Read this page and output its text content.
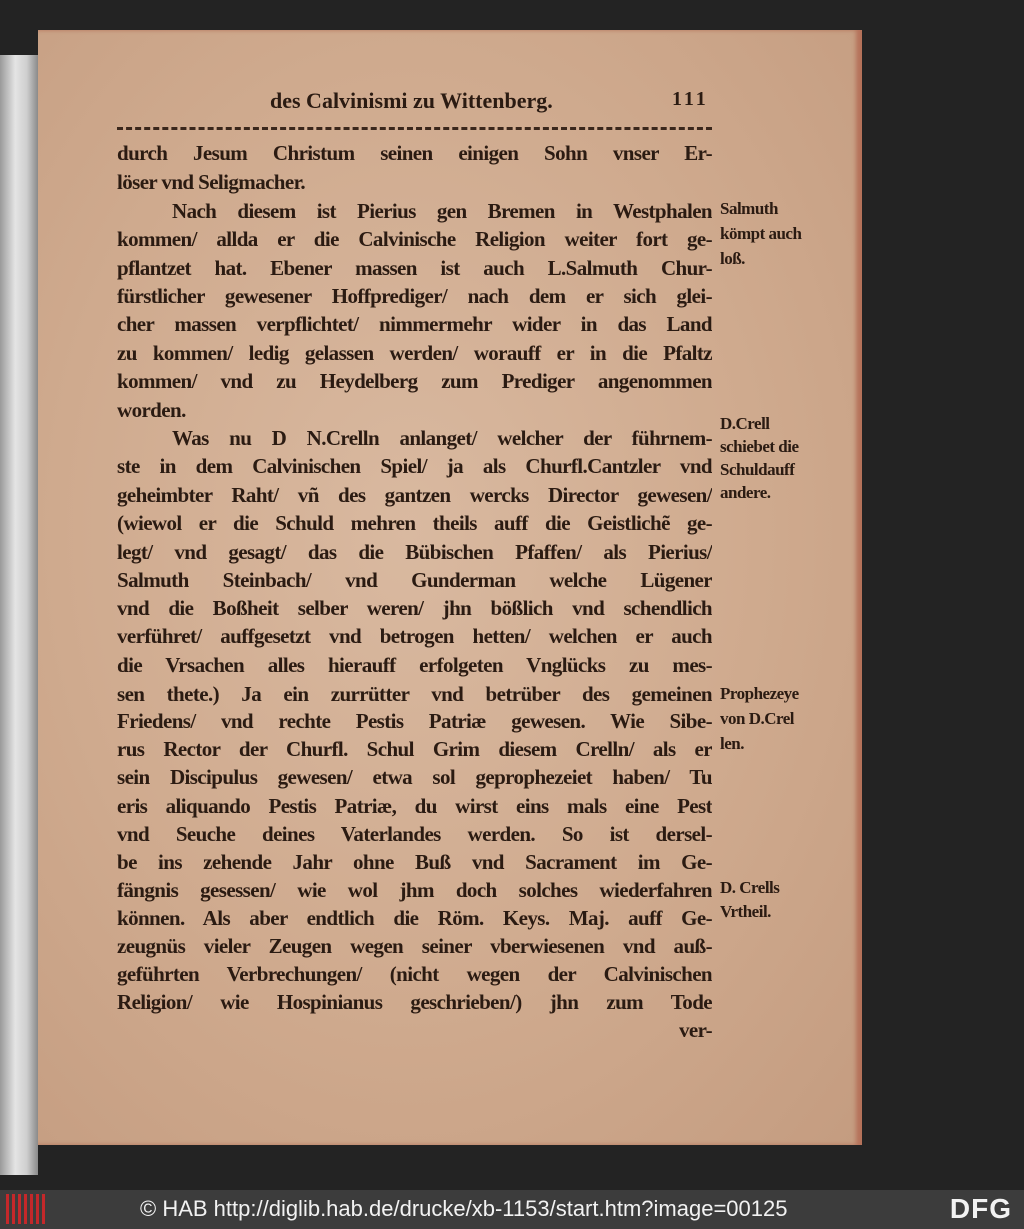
des Calvinismi zu Wittenberg.	111
durch Jesum Christum seinen einigen Sohn vnser Er-
löser vnd Seligmacher.
Nach diesem ist Pierius gen Bremen in Westphalen
kommen/ allda er die Calvinische Religion weiter fort ge-
pflantzet hat. Ebener massen ist auch L.Salmuth Chur-
fürstlicher gewesener Hoffprediger/ nach dem er sich glei-
cher massen verpflichtet/ nimmermehr wider in das Land
zu kommen/ ledig gelassen werden/ worauff er in die Pfaltz
kommen/ vnd zu Heydelberg zum Prediger angenommen
worden.
Was nu D N.Crelln anlanget/ welcher der führnem-
ste in dem Calvinischen Spiel/ ja als Churfl.Cantzler vnd
geheimbter Raht/ vñ des gantzen wercks Director gewesen/
(wiewol er die Schuld mehren theils auff die Geistlichẽ ge-
legt/ vnd gesagt/ das die Bübischen Pfaffen/ als Pierius/
Salmuth Steinbach/ vnd Gunderman welche Lügener
vnd die Boßheit selber weren/ jhn bößlich vnd schendlich
verführet/ auffgesetzt vnd betrogen hetten/ welchen er auch
die Vrsachen alles hierauff erfolgeten Vnglücks zu mes-
sen thete.) Ja ein zurrütter vnd betrüber des gemeinen
Friedens/ vnd rechte Pestis Patriæ gewesen. Wie Sibe-
rus Rector der Churfl. Schul Grim diesem Crelln/ als er
sein Discipulus gewesen/ etwa sol geprophezeiet haben/ Tu
eris aliquando Pestis Patriæ, du wirst eins mals eine Pest
vnd Seuche deines Vaterlandes werden. So ist dersel-
be ins zehende Jahr ohne Buß vnd Sacrament im Ge-
fängnis gesessen/ wie wol jhm doch solches wiederfahren
können. Als aber endtlich die Röm. Keys. Maj. auff Ge-
zeugnüs vieler Zeugen wegen seiner vberwiesenen vnd auß-
geführten Verbrechungen/ (nicht wegen der Calvinischen
Religion/ wie Hospinianus geschrieben/) jhn zum Tode
ver-
Salmuth
kömpt auch
loß.
D.Crell
schiebet die
Schuldauff
andere.
Prophezeye
von D.Crel
len.
D. Crells
Vrtheil.
© HAB http://diglib.hab.de/drucke/xb-1153/start.htm?image=00125	DFG
